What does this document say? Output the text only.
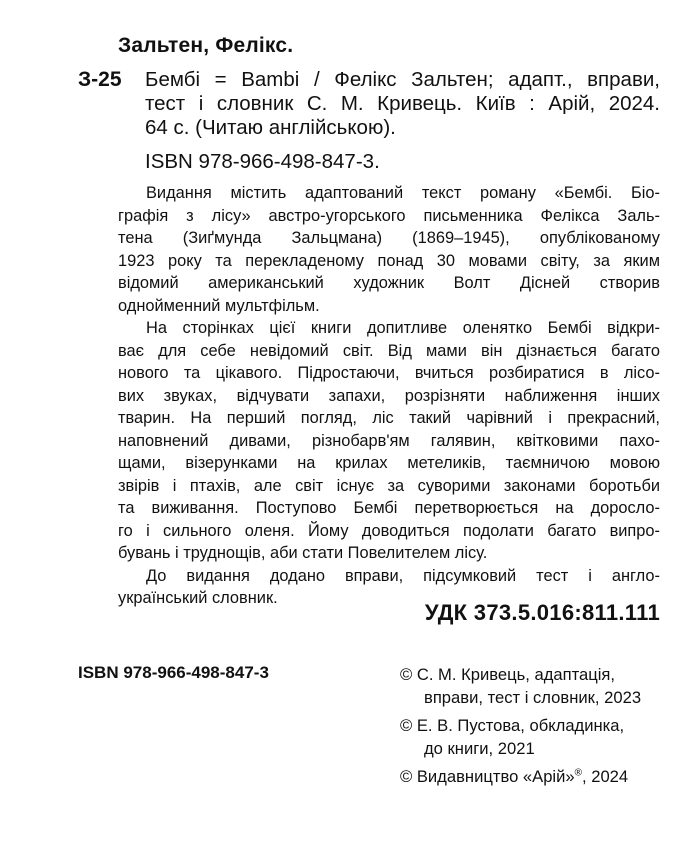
Зальтен, Фелікс.
З-25 Бембі = Bambi / Фелікс Зальтен; адапт., вправи,
тест і словник С. М. Кривець. Київ : Арій, 2024.
64 с. (Читаю англійською).
ISBN 978-966-498-847-3.
Видання містить адаптований текст роману «Бембі. Біо-
графія з лісу» австро-угорського письменника Фелікса Заль-
тена (Зиґмунда Зальцмана) (1869–1945), опублікованому
1923 року та перекладеному понад 30 мовами світу, за яким
відомий американський художник Волт Дісней створив
однойменний мультфільм.
На сторінках цієї книги допитливе оленятко Бембі відкри-
ває для себе невідомий світ. Від мами він дізнається багато
нового та цікавого. Підростаючи, вчиться розбиратися в лісо-
вих звуках, відчувати запахи, розрізняти наближення інших
тварин. На перший погляд, ліс такий чарівний і прекрасний,
наповнений дивами, різнобарв'ям галявин, квітковими пахо-
щами, візерунками на крилах метеликів, таємничою мовою
звірів і птахів, але світ існує за суворими законами боротьби
та виживання. Поступово Бембі перетворюється на доросло-
го і сильного оленя. Йому доводиться подолати багато випро-
бувань і труднощів, аби стати Повелителем лісу.
До видання додано вправи, підсумковий тест і англо-
український словник.
УДК 373.5.016:811.111
ISBN 978-966-498-847-3	© С. М. Кривець, адаптація,
вправи, тест і словник, 2023
© Е. В. Пустова, обкладинка,
до книги, 2021
© Видавництво «Арій»®, 2024
